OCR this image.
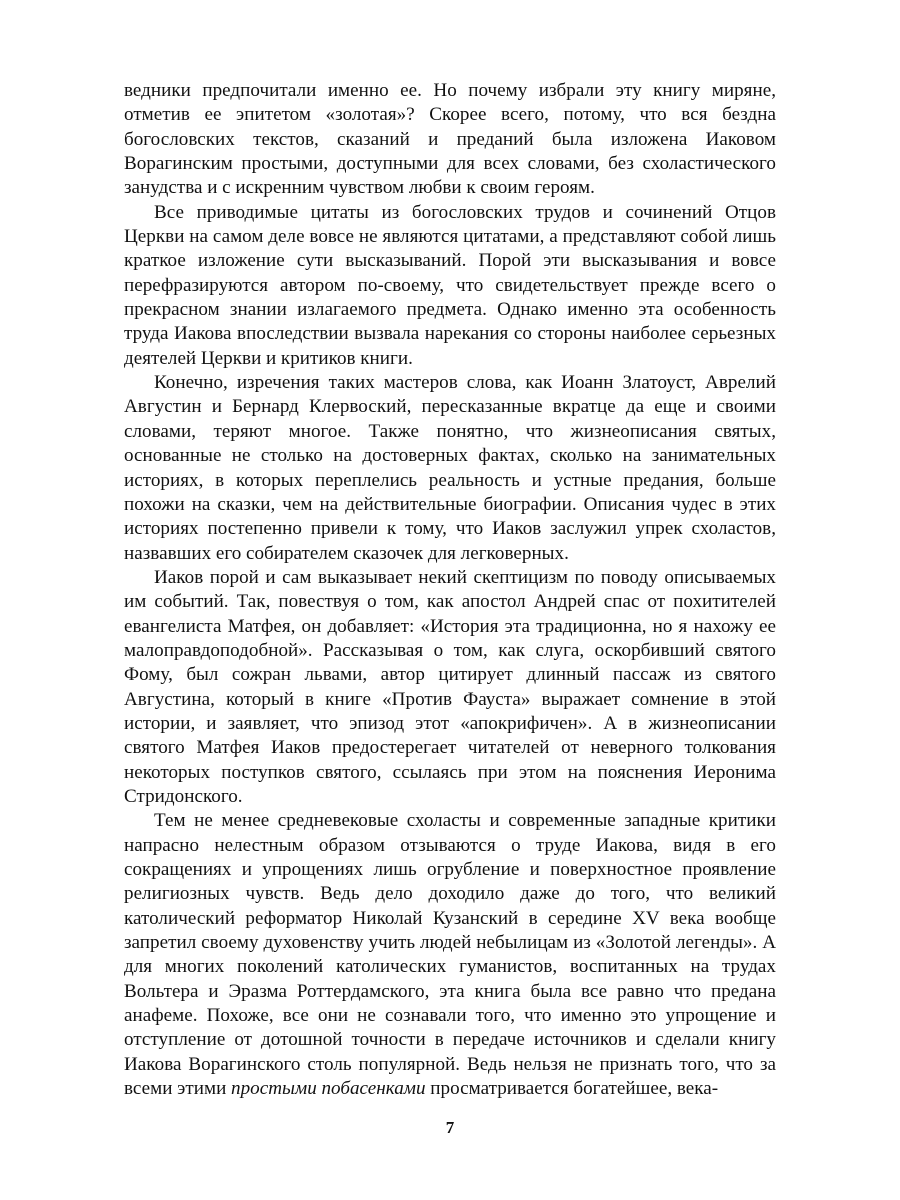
ведники предпочитали именно ее. Но почему избрали эту книгу миряне, отметив ее эпитетом «золотая»? Скорее всего, потому, что вся бездна богословских текстов, сказаний и преданий была изложена Иаковом Ворагинским простыми, доступными для всех словами, без схоластического занудства и с искренним чувством любви к своим героям.

Все приводимые цитаты из богословских трудов и сочинений Отцов Церкви на самом деле вовсе не являются цитатами, а представляют собой лишь краткое изложение сути высказываний. Порой эти высказывания и вовсе перефразируются автором по-своему, что свидетельствует прежде всего о прекрасном знании излагаемого предмета. Однако именно эта особенность труда Иакова впоследствии вызвала нарекания со стороны наиболее серьезных деятелей Церкви и критиков книги.

Конечно, изречения таких мастеров слова, как Иоанн Златоуст, Аврелий Августин и Бернард Клервоский, пересказанные вкратце да еще и своими словами, теряют многое. Также понятно, что жизнеописания святых, основанные не столько на достоверных фактах, сколько на занимательных историях, в которых переплелись реальность и устные предания, больше похожи на сказки, чем на действительные биографии. Описания чудес в этих историях постепенно привели к тому, что Иаков заслужил упрек схоластов, назвавших его собирателем сказочек для легковерных.

Иаков порой и сам выказывает некий скептицизм по поводу описываемых им событий. Так, повествуя о том, как апостол Андрей спас от похитителей евангелиста Матфея, он добавляет: «История эта традиционна, но я нахожу ее малоправдоподобной». Рассказывая о том, как слуга, оскорбивший святого Фому, был сожран львами, автор цитирует длинный пассаж из святого Августина, который в книге «Против Фауста» выражает сомнение в этой истории, и заявляет, что эпизод этот «апокрифичен». А в жизнеописании святого Матфея Иаков предостерегает читателей от неверного толкования некоторых поступков святого, ссылаясь при этом на пояснения Иеронима Стридонского.

Тем не менее средневековые схоласты и современные западные критики напрасно нелестным образом отзываются о труде Иакова, видя в его сокращениях и упрощениях лишь огрубление и поверхностное проявление религиозных чувств. Ведь дело доходило даже до того, что великий католический реформатор Николай Кузанский в середине XV века вообще запретил своему духовенству учить людей небылицам из «Золотой легенды». А для многих поколений католических гуманистов, воспитанных на трудах Вольтера и Эразма Роттердамского, эта книга была все равно что предана анафеме. Похоже, все они не сознавали того, что именно это упрощение и отступление от дотошной точности в передаче источников и сделали книгу Иакова Ворагинского столь популярной. Ведь нельзя не признать того, что за всеми этими простыми побасенками просматривается богатейшее, века-

7
